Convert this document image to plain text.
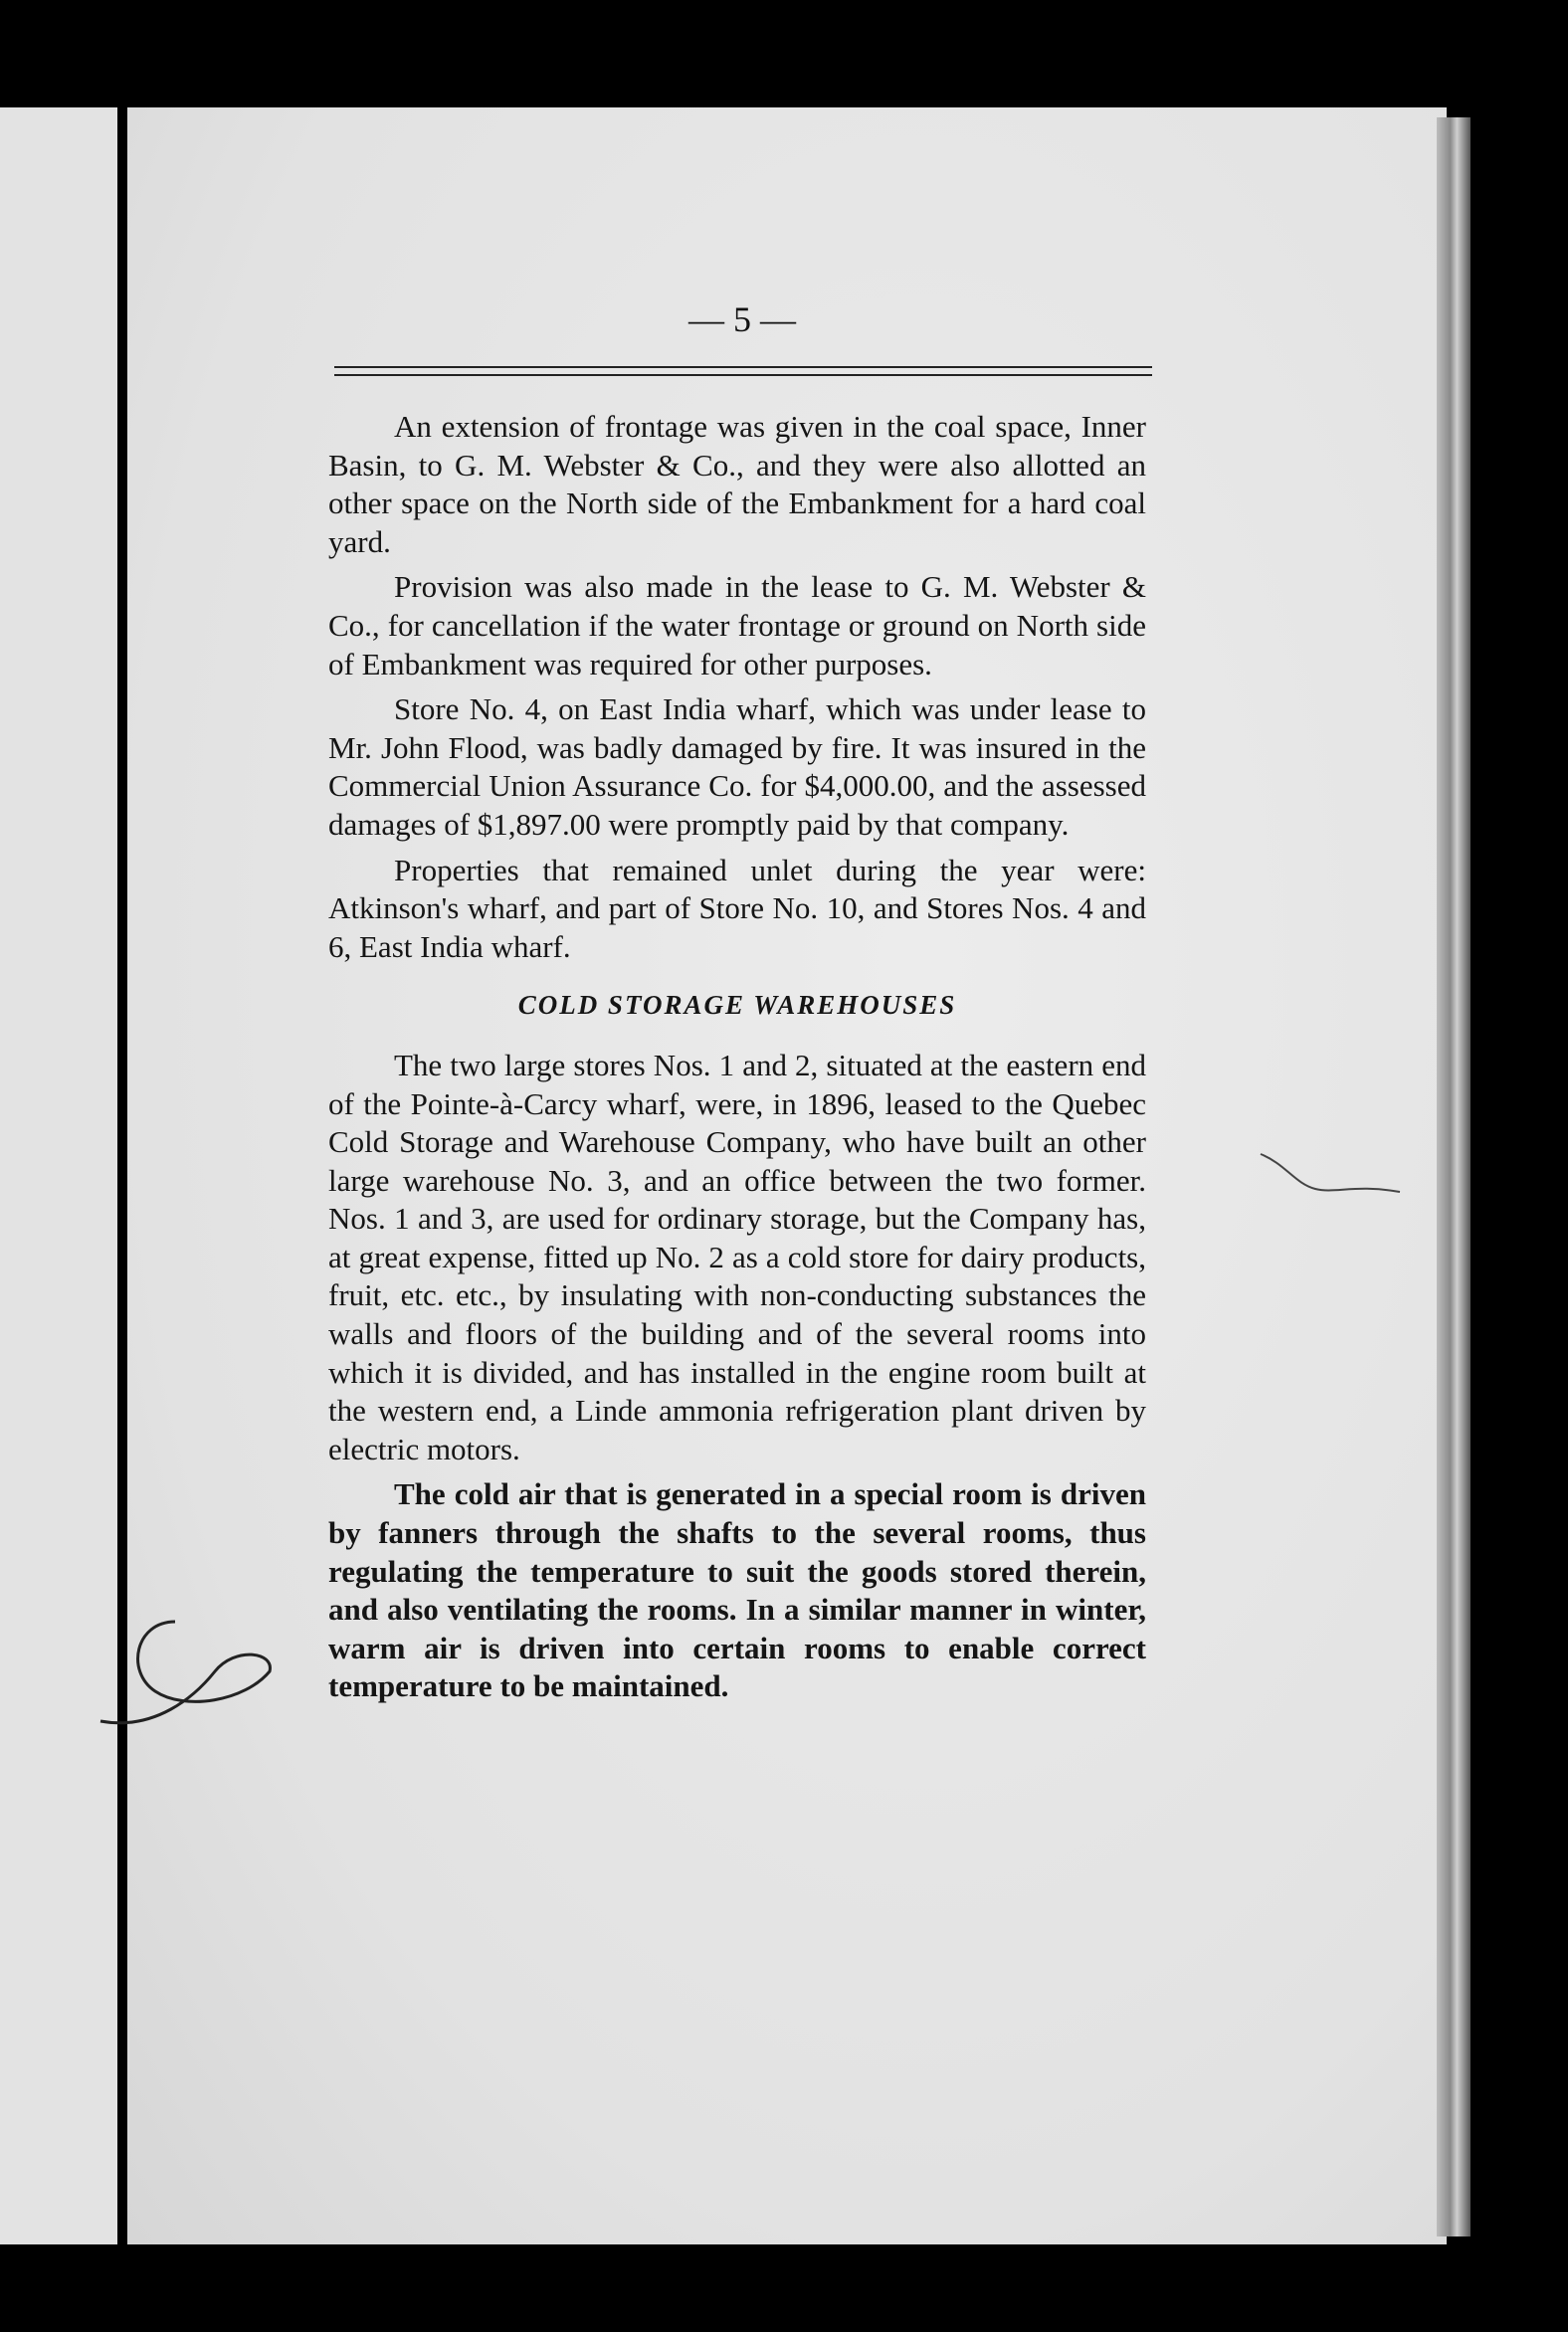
— 5 —

An extension of frontage was given in the coal space, Inner Basin, to G. M. Webster & Co., and they were also allotted an other space on the North side of the Embankment for a hard coal yard.

Provision was also made in the lease to G. M. Webster & Co., for cancellation if the water frontage or ground on North side of Embankment was required for other purposes.

Store No. 4, on East India wharf, which was under lease to Mr. John Flood, was badly damaged by fire. It was insured in the Commercial Union Assurance Co. for $4,000.00, and the assessed damages of $1,897.00 were promptly paid by that company.

Properties that remained unlet during the year were: Atkinson's wharf, and part of Store No. 10, and Stores Nos. 4 and 6, East India wharf.

COLD STORAGE WAREHOUSES

The two large stores Nos. 1 and 2, situated at the eastern end of the Pointe-à-Carcy wharf, were, in 1896, leased to the Quebec Cold Storage and Warehouse Company, who have built an other large warehouse No. 3, and an office between the two former. Nos. 1 and 3, are used for ordinary storage, but the Company has, at great expense, fitted up No. 2 as a cold store for dairy products, fruit, etc. etc., by insulating with non-conducting substances the walls and floors of the building and of the several rooms into which it is divided, and has installed in the engine room built at the western end, a Linde ammonia refrigeration plant driven by electric motors.

The cold air that is generated in a special room is driven by fanners through the shafts to the several rooms, thus regulating the temperature to suit the goods stored therein, and also ventilating the rooms. In a similar manner in winter, warm air is driven into certain rooms to enable correct temperature to be maintained.
